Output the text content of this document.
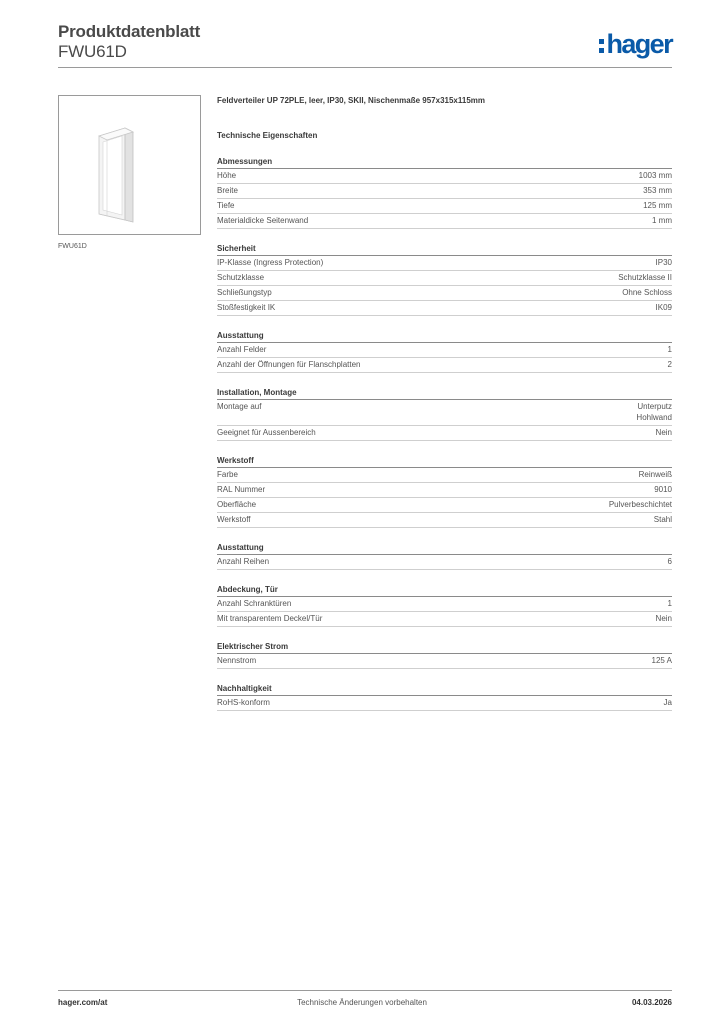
Produktdatenblatt
FWU61D	hager
FWU61D
Feldverteiler UP 72PLE, leer, IP30, SKII, Nischenmaße 957x315x115mm
Technische Eigenschaften
Abmessungen
Höhe	1003 mm
Breite	353 mm
Tiefe	125 mm
Materialdicke Seitenwand	1 mm
Sicherheit
IP-Klasse (Ingress Protection)	IP30
Schutzklasse	Schutzklasse II
Schließungstyp	Ohne Schloss
Stoßfestigkeit IK	IK09
Ausstattung
Anzahl Felder	1
Anzahl der Öffnungen für Flanschplatten	2
Installation, Montage
Montage auf	Unterputz
Hohlwand
Geeignet für Aussenbereich	Nein
Werkstoff
Farbe	Reinweiß
RAL Nummer	9010
Oberfläche	Pulverbeschichtet
Werkstoff	Stahl
Ausstattung
Anzahl Reihen	6
Abdeckung, Tür
Anzahl Schranktüren	1
Mit transparentem Deckel/Tür	Nein
Elektrischer Strom
Nennstrom	125 A
Nachhaltigkeit
RoHS-konform	Ja
hager.com/at	Technische Änderungen vorbehalten	04.03.2026
